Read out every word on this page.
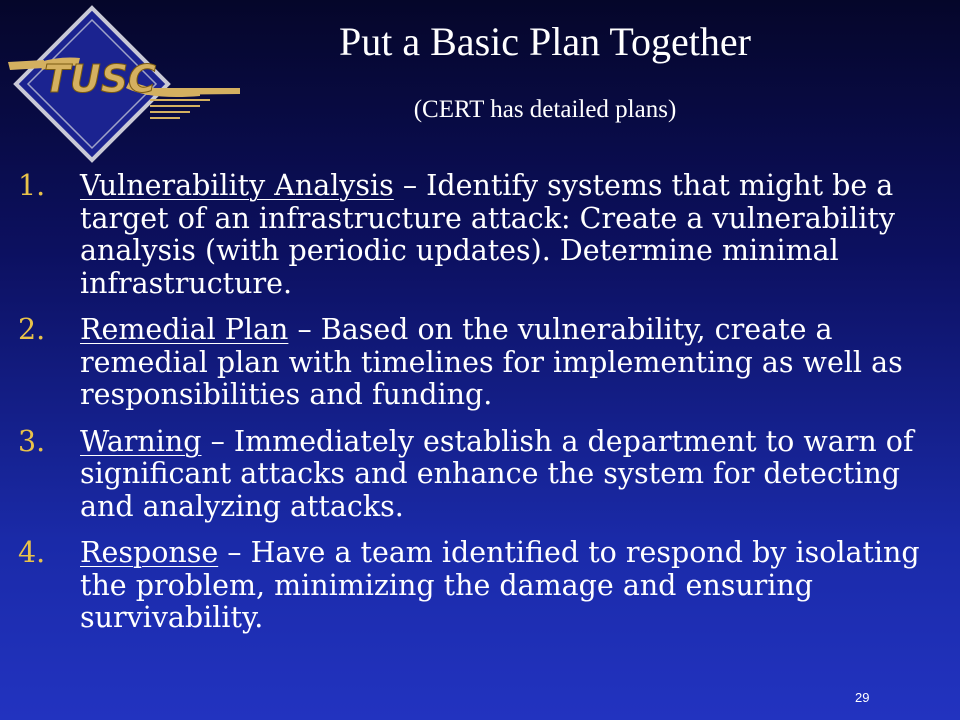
TUSC
Put a Basic Plan Together
(CERT has detailed plans)
1. Vulnerability Analysis – Identify systems that might be a target of an infrastructure attack: Create a vulnerability analysis (with periodic updates). Determine minimal infrastructure.
2. Remedial Plan – Based on the vulnerability, create a remedial plan with timelines for implementing as well as responsibilities and funding.
3. Warning – Immediately establish a department to warn of significant attacks and enhance the system for detecting and analyzing attacks.
4. Response – Have a team identified to respond by isolating the problem, minimizing the damage and ensuring survivability.
29
